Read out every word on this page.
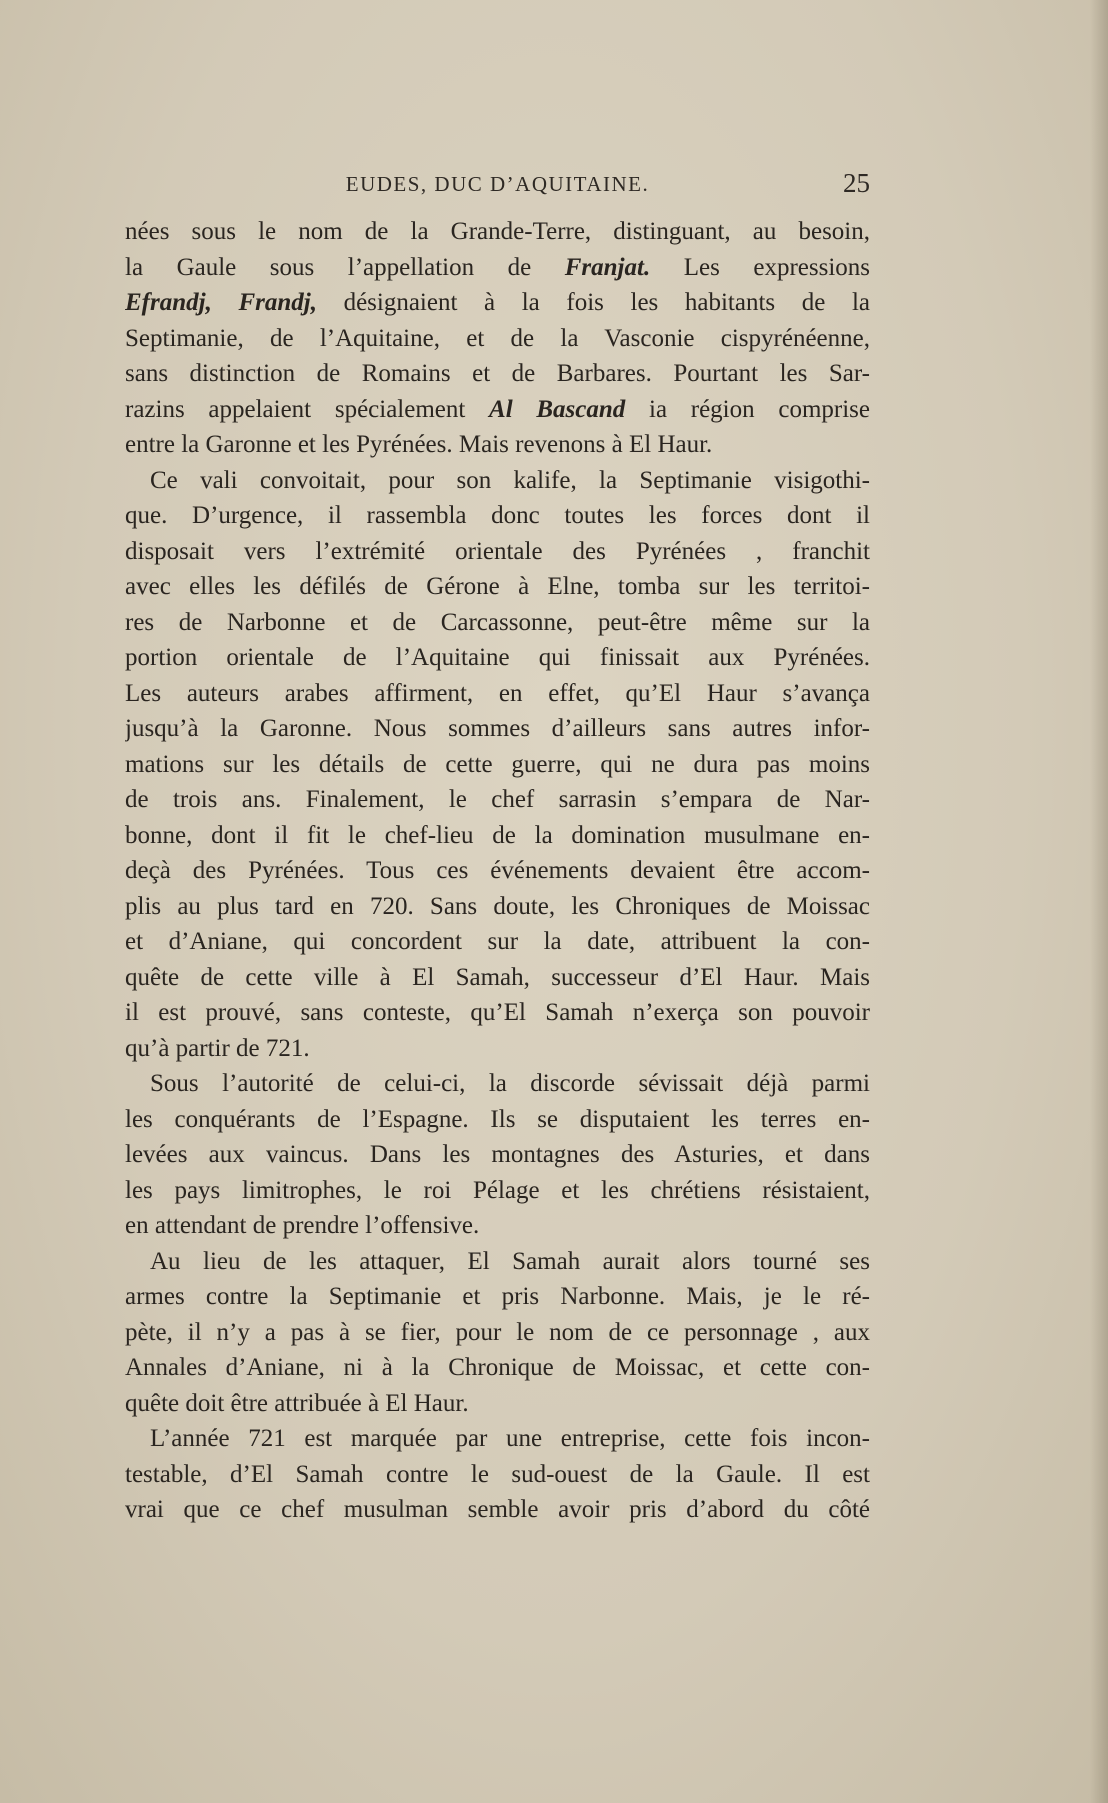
EUDES, DUC D’AQUITAINE.	25
nées sous le nom de la Grande-Terre, distinguant, au besoin,
la Gaule sous l’appellation de Franjat. Les expressions
Efrandj, Frandj, désignaient à la fois les habitants de la
Septimanie, de l’Aquitaine, et de la Vasconie cispyrénéenne,
sans distinction de Romains et de Barbares. Pourtant les Sar-
razins appelaient spécialement Al Bascand ia région comprise
entre la Garonne et les Pyrénées. Mais revenons à El Haur.
Ce vali convoitait, pour son kalife, la Septimanie visigothi-
que. D’urgence, il rassembla donc toutes les forces dont il
disposait vers l’extrémité orientale des Pyrénées , franchit
avec elles les défilés de Gérone à Elne, tomba sur les territoi-
res de Narbonne et de Carcassonne, peut-être même sur la
portion orientale de l’Aquitaine qui finissait aux Pyrénées.
Les auteurs arabes affirment, en effet, qu’El Haur s’avança
jusqu’à la Garonne. Nous sommes d’ailleurs sans autres infor-
mations sur les détails de cette guerre, qui ne dura pas moins
de trois ans. Finalement, le chef sarrasin s’empara de Nar-
bonne, dont il fit le chef-lieu de la domination musulmane en-
deçà des Pyrénées. Tous ces événements devaient être accom-
plis au plus tard en 720. Sans doute, les Chroniques de Moissac
et d’Aniane, qui concordent sur la date, attribuent la con-
quête de cette ville à El Samah, successeur d’El Haur. Mais
il est prouvé, sans conteste, qu’El Samah n’exerça son pouvoir
qu’à partir de 721.
Sous l’autorité de celui-ci, la discorde sévissait déjà parmi
les conquérants de l’Espagne. Ils se disputaient les terres en-
levées aux vaincus. Dans les montagnes des Asturies, et dans
les pays limitrophes, le roi Pélage et les chrétiens résistaient,
en attendant de prendre l’offensive.
Au lieu de les attaquer, El Samah aurait alors tourné ses
armes contre la Septimanie et pris Narbonne. Mais, je le ré-
pète, il n’y a pas à se fier, pour le nom de ce personnage , aux
Annales d’Aniane, ni à la Chronique de Moissac, et cette con-
quête doit être attribuée à El Haur.
L’année 721 est marquée par une entreprise, cette fois incon-
testable, d’El Samah contre le sud-ouest de la Gaule. Il est
vrai que ce chef musulman semble avoir pris d’abord du côté
